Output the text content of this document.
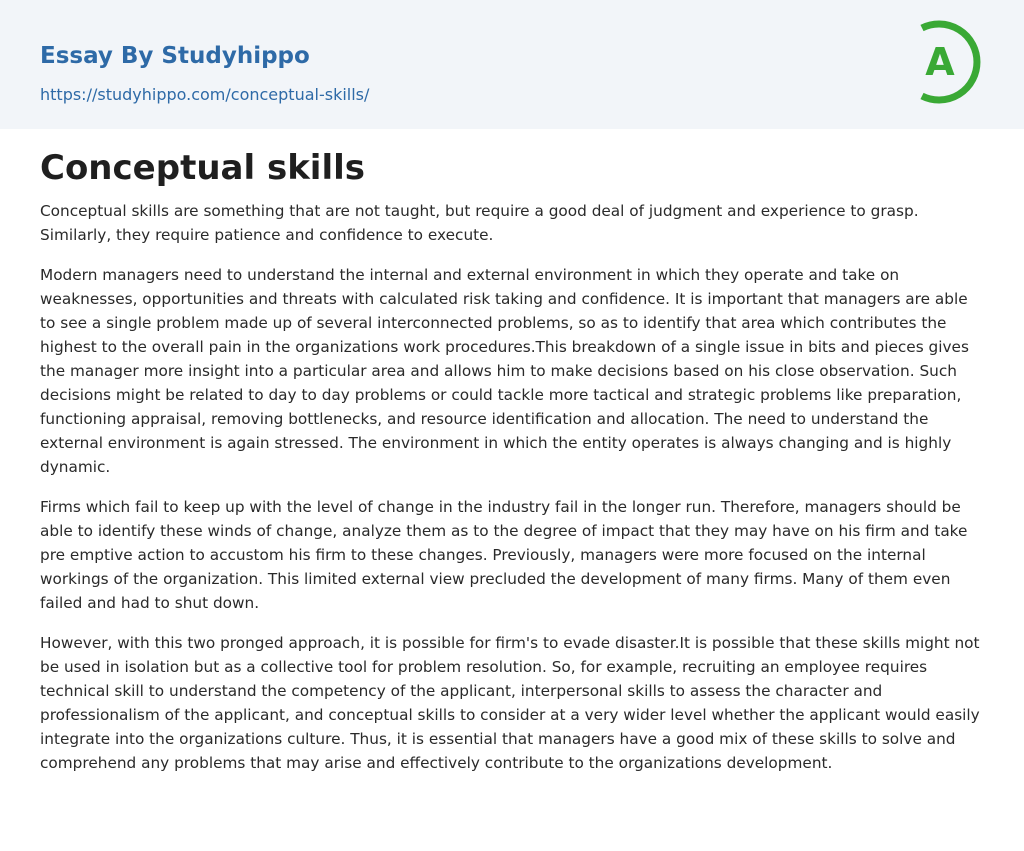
Essay By Studyhippo
https://studyhippo.com/conceptual-skills/
A
Conceptual skills

Conceptual skills are something that are not taught, but require a good deal of judgment and experience to grasp. Similarly, they require patience and confidence to execute.

Modern managers need to understand the internal and external environment in which they operate and take on weaknesses, opportunities and threats with calculated risk taking and confidence. It is important that managers are able to see a single problem made up of several interconnected problems, so as to identify that area which contributes the highest to the overall pain in the organizations work procedures.This breakdown of a single issue in bits and pieces gives the manager more insight into a particular area and allows him to make decisions based on his close observation. Such decisions might be related to day to day problems or could tackle more tactical and strategic problems like preparation, functioning appraisal, removing bottlenecks, and resource identification and allocation. The need to understand the external environment is again stressed. The environment in which the entity operates is always changing and is highly dynamic.

Firms which fail to keep up with the level of change in the industry fail in the longer run. Therefore, managers should be able to identify these winds of change, analyze them as to the degree of impact that they may have on his firm and take pre emptive action to accustom his firm to these changes. Previously, managers were more focused on the internal workings of the organization. This limited external view precluded the development of many firms. Many of them even failed and had to shut down.

However, with this two pronged approach, it is possible for firm's to evade disaster.It is possible that these skills might not be used in isolation but as a collective tool for problem resolution. So, for example, recruiting an employee requires technical skill to understand the competency of the applicant, interpersonal skills to assess the character and professionalism of the applicant, and conceptual skills to consider at a very wider level whether the applicant would easily integrate into the organizations culture. Thus, it is essential that managers have a good mix of these skills to solve and comprehend any problems that may arise and effectively contribute to the organizations development.
